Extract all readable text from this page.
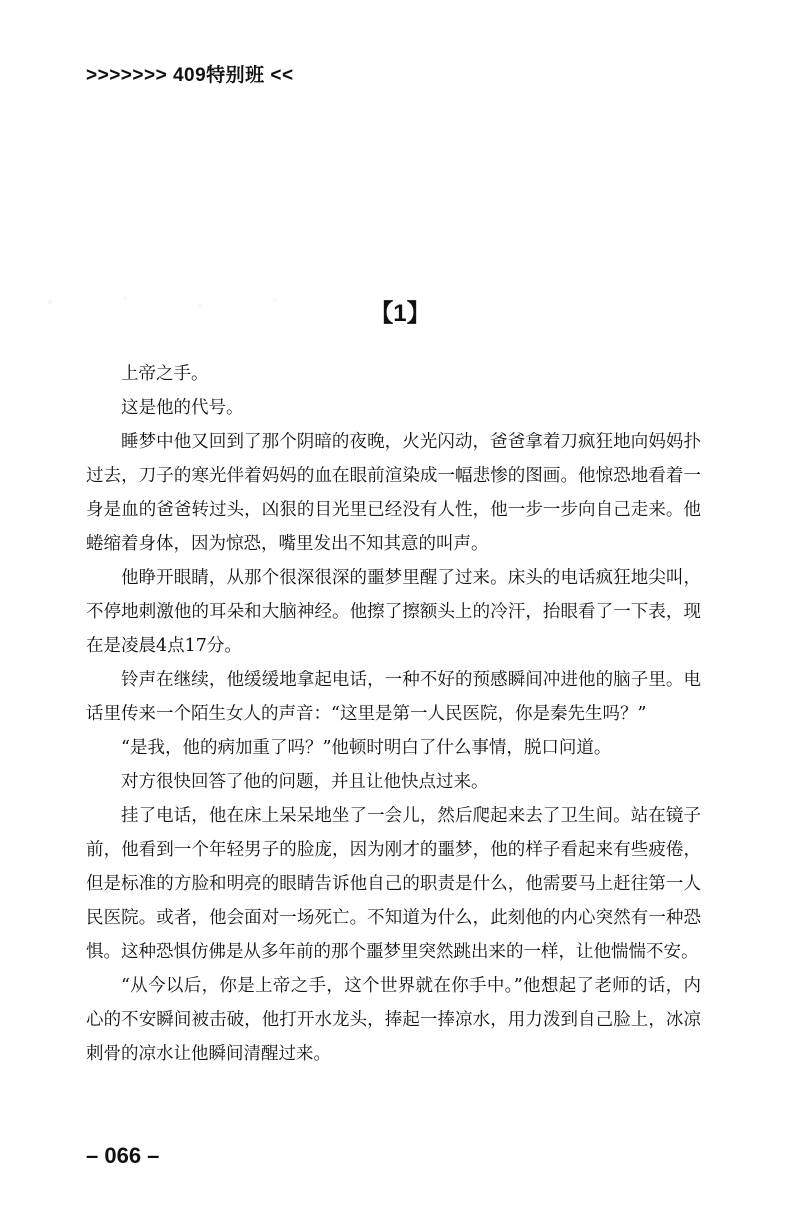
>>>>>>> 409特别班 <<
【1】

上帝之手。

这是他的代号。

睡梦中他又回到了那个阴暗的夜晚，火光闪动，爸爸拿着刀疯狂地向妈妈扑过去，刀子的寒光伴着妈妈的血在眼前渲染成一幅悲惨的图画。他惊恐地看着一身是血的爸爸转过头，凶狠的目光里已经没有人性，他一步一步向自己走来。他蜷缩着身体，因为惊恐，嘴里发出不知其意的叫声。

他睁开眼睛，从那个很深很深的噩梦里醒了过来。床头的电话疯狂地尖叫，不停地刺激他的耳朵和大脑神经。他擦了擦额头上的冷汗，抬眼看了一下表，现在是凌晨4点17分。

铃声在继续，他缓缓地拿起电话，一种不好的预感瞬间冲进他的脑子里。电话里传来一个陌生女人的声音：“这里是第一人民医院，你是秦先生吗？”

“是我，他的病加重了吗？”他顿时明白了什么事情，脱口问道。

对方很快回答了他的问题，并且让他快点过来。

挂了电话，他在床上呆呆地坐了一会儿，然后爬起来去了卫生间。站在镜子前，他看到一个年轻男子的脸庞，因为刚才的噩梦，他的样子看起来有些疲倦，但是标准的方脸和明亮的眼睛告诉他自己的职责是什么，他需要马上赶往第一人民医院。或者，他会面对一场死亡。不知道为什么，此刻他的内心突然有一种恐惧。这种恐惧仿佛是从多年前的那个噩梦里突然跳出来的一样，让他惴惴不安。

“从今以后，你是上帝之手，这个世界就在你手中。”他想起了老师的话，内心的不安瞬间被击破，他打开水龙头，捧起一捧凉水，用力泼到自己脸上，冰凉刺骨的凉水让他瞬间清醒过来。

– 066 –
